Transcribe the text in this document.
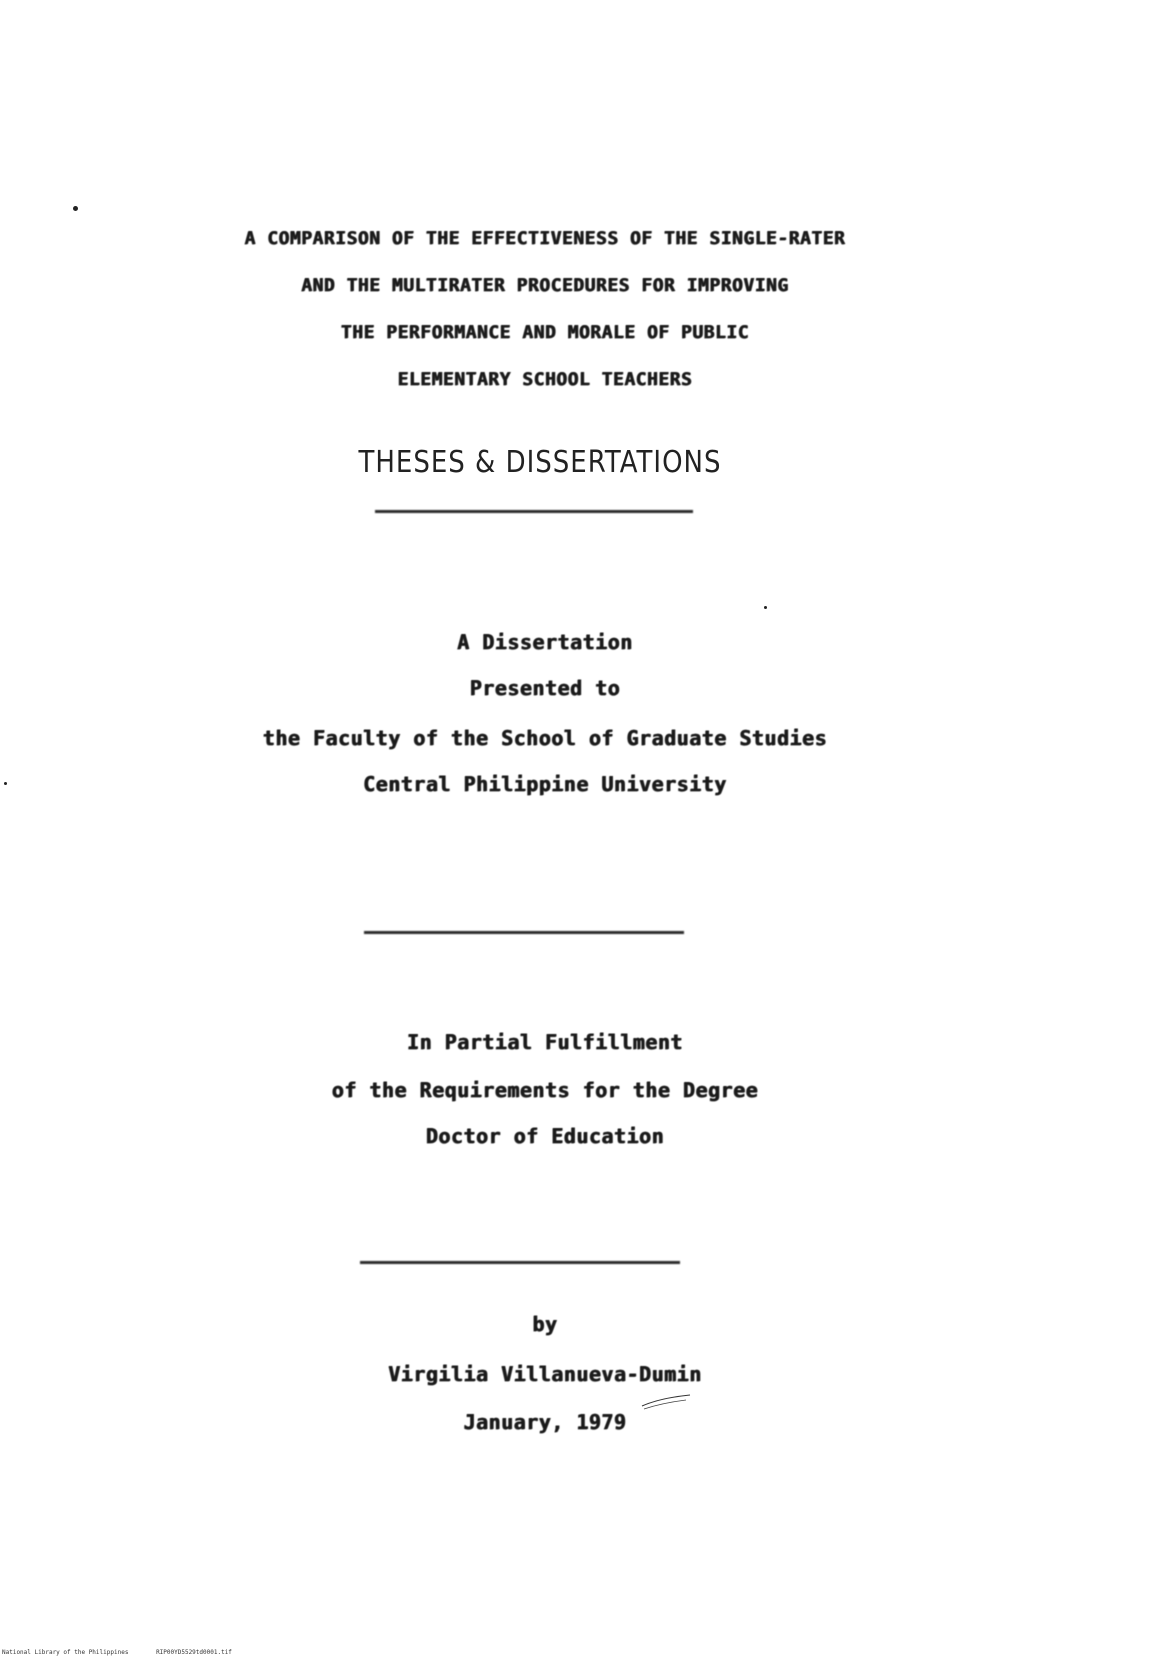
A COMPARISON OF THE EFFECTIVENESS OF THE SINGLE-RATER
AND THE MULTIRATER PROCEDURES FOR IMPROVING
THE PERFORMANCE AND MORALE OF PUBLIC
ELEMENTARY SCHOOL TEACHERS
THESES & DISSERTATIONS
A Dissertation
Presented to
the Faculty of the School of Graduate Studies
Central Philippine University
In Partial Fulfillment
of the Requirements for the Degree
Doctor of Education
by
Virgilia Villanueva-Dumin
January, 1979
National Library of the Philippines	RIP00YD5529td0001.tif
